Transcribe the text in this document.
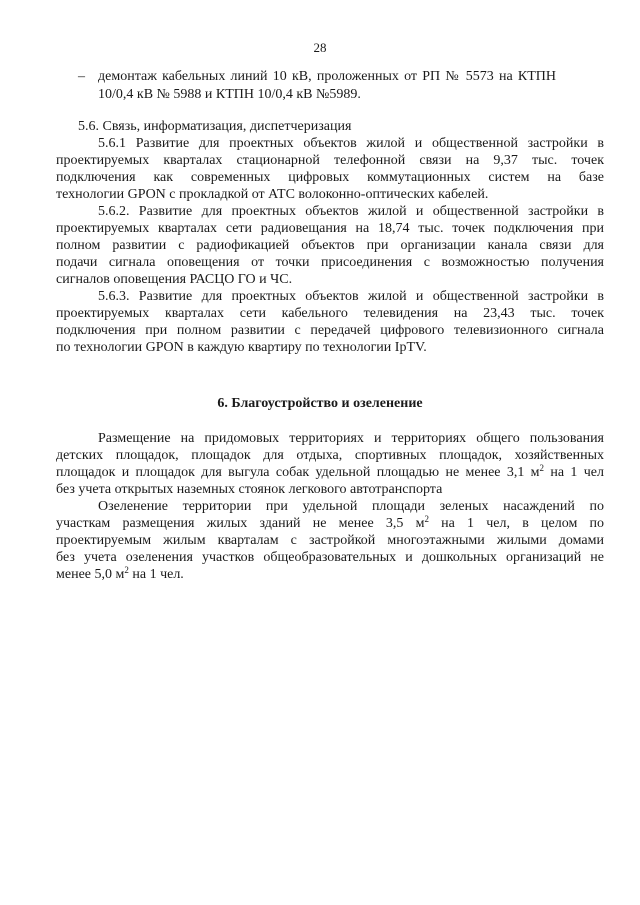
28
– демонтаж кабельных линий 10 кВ, проложенных от РП № 5573 на КТПН
10/0,4 кВ № 5988 и КТПН 10/0,4 кВ №5989.
5.6. Связь, информатизация, диспетчеризация
5.6.1 Развитие для проектных объектов жилой и общественной застройки в
проектируемых кварталах стационарной телефонной связи на 9,37 тыс. точек
подключения как современных цифровых коммутационных систем на базе
технологии GPON с прокладкой от АТС волоконно-оптических кабелей.
5.6.2. Развитие для проектных объектов жилой и общественной застройки в
проектируемых кварталах сети радиовещания на 18,74 тыс. точек подключения при
полном развитии с радиофикацией объектов при организации канала связи для
подачи сигнала оповещения от точки присоединения с возможностью получения
сигналов оповещения РАСЦО ГО и ЧС.
5.6.3. Развитие для проектных объектов жилой и общественной застройки в
проектируемых кварталах сети кабельного телевидения на 23,43 тыс. точек
подключения при полном развитии с передачей цифрового телевизионного сигнала
по технологии GPON в каждую квартиру по технологии IpTV.
6. Благоустройство и озеленение
Размещение на придомовых территориях и территориях общего пользования
детских площадок, площадок для отдыха, спортивных площадок, хозяйственных
площадок и площадок для выгула собак удельной площадью не менее 3,1 $м^2$ на 1 чел
без учета открытых наземных стоянок легкового автотранспорта
Озеленение территории при удельной площади зеленых насаждений по
участкам размещения жилых зданий не менее 3,5 $м^2$ на 1 чел, в целом по
проектируемым жилым кварталам с застройкой многоэтажными жилыми домами
без учета озеленения участков общеобразовательных и дошкольных организаций не
менее 5,0 $м^2$ на 1 чел.
